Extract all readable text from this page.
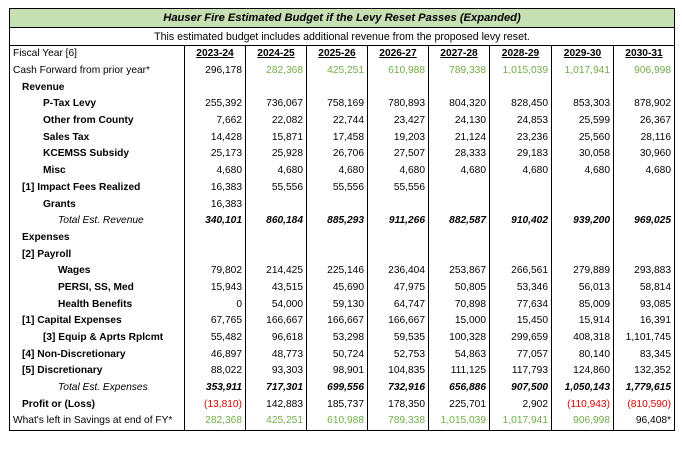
Hauser Fire Estimated Budget if the Levy Reset Passes (Expanded)								
This estimated budget includes additional revenue from the proposed levy reset.								
Fiscal Year [6]	2023-24	2024-25	2025-26	2026-27	2027-28	2028-29	2029-30	2030-31
Cash Forward from prior year*	296,178	282,368	425,251	610,988	789,338	1,015,039	1,017,941	906,998
Revenue								
P-Tax Levy	255,392	736,067	758,169	780,893	804,320	828,450	853,303	878,902
Other from County	7,662	22,082	22,744	23,427	24,130	24,853	25,599	26,367
Sales Tax	14,428	15,871	17,458	19,203	21,124	23,236	25,560	28,116
KCEMSS Subsidy	25,173	25,928	26,706	27,507	28,333	29,183	30,058	30,960
Misc	4,680	4,680	4,680	4,680	4,680	4,680	4,680	4,680
[1] Impact Fees Realized	16,383	55,556	55,556	55,556				
Grants	16,383							
Total Est. Revenue	340,101	860,184	885,293	911,266	882,587	910,402	939,200	969,025
Expenses								
[2] Payroll								
Wages	79,802	214,425	225,146	236,404	253,867	266,561	279,889	293,883
PERSI, SS, Med	15,943	43,515	45,690	47,975	50,805	53,346	56,013	58,814
Health Benefits	0	54,000	59,130	64,747	70,898	77,634	85,009	93,085
[1] Capital Expenses	67,765	166,667	166,667	166,667	15,000	15,450	15,914	16,391
[3] Equip & Aprts Rplcmt	55,482	96,618	53,298	59,535	100,328	299,659	408,318	1,101,745
[4] Non-Discretionary	46,897	48,773	50,724	52,753	54,863	77,057	80,140	83,345
[5] Discretionary	88,022	93,303	98,901	104,835	111,125	117,793	124,860	132,352
Total Est. Expenses	353,911	717,301	699,556	732,916	656,886	907,500	1,050,143	1,779,615
Profit or (Loss)	(13,810)	142,883	185,737	178,350	225,701	2,902	(110,943)	(810,590)
What's left in Savings at end of FY*	282,368	425,251	610,988	789,338	1,015,039	1,017,941	906,998	96,408*
